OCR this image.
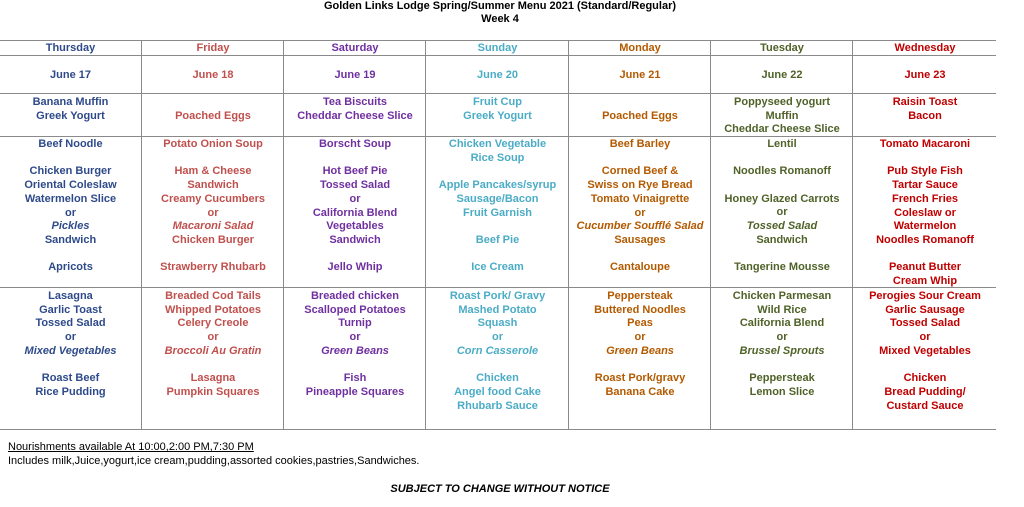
Golden Links Lodge Spring/Summer Menu 2021 (Standard/Regular)
Week 4
Thursday
June 17
Banana Muffin
Greek Yogurt
Beef Noodle
Chicken Burger
Oriental Coleslaw
Watermelon Slice
or
Pickles
Sandwich
Apricots
Lasagna
Garlic Toast
Tossed Salad
or
Mixed Vegetables
Roast Beef
Rice Pudding
Friday
June 18
Poached Eggs
Potato Onion Soup
Ham & Cheese
Sandwich
Creamy Cucumbers
or
Macaroni Salad
Chicken Burger
Strawberry Rhubarb
Breaded Cod Tails
Whipped Potatoes
Celery Creole
or
Broccoli Au Gratin
Lasagna
Pumpkin Squares
Saturday
June 19
Tea Biscuits
Cheddar Cheese Slice
Borscht Soup
Hot Beef Pie
Tossed Salad
or
California Blend
Vegetables
Sandwich
Jello Whip
Breaded chicken
Scalloped Potatoes
Turnip
or
Green Beans
Fish
Pineapple Squares
Sunday
June 20
Fruit Cup
Greek Yogurt
Chicken Vegetable
Rice Soup
Apple Pancakes/syrup
Sausage/Bacon
Fruit Garnish
Beef Pie
Ice Cream
Roast Pork/ Gravy
Mashed Potato
Squash
or
Corn Casserole
Chicken
Angel food Cake
Rhubarb Sauce
Monday
June 21
Poached Eggs
Beef Barley
Corned Beef &
Swiss on Rye Bread
Tomato Vinaigrette
or
Cucumber Soufflé Salad
Sausages
Cantaloupe
Peppersteak
Buttered Noodles
Peas
or
Green Beans
Roast Pork/gravy
Banana Cake
Tuesday
June 22
Poppyseed yogurt
Muffin
Cheddar Cheese Slice
Lentil
Noodles Romanoff
Honey Glazed Carrots
or
Tossed Salad
Sandwich
Tangerine Mousse
Chicken Parmesan
Wild Rice
California Blend
or
Brussel Sprouts
Peppersteak
Lemon Slice
Wednesday
June 23
Raisin Toast
Bacon
Tomato Macaroni
Pub Style Fish
Tartar Sauce
French Fries
Coleslaw or
Watermelon
Noodles Romanoff
Peanut Butter
Cream Whip
Perogies Sour Cream
Garlic Sausage
Tossed Salad
or
Mixed Vegetables
Chicken
Bread Pudding/
Custard Sauce
Nourishments available At 10:00,2:00 PM,7:30 PM
Includes milk,Juice,yogurt,ice cream,pudding,assorted cookies,pastries,Sandwiches.
SUBJECT TO CHANGE WITHOUT NOTICE
